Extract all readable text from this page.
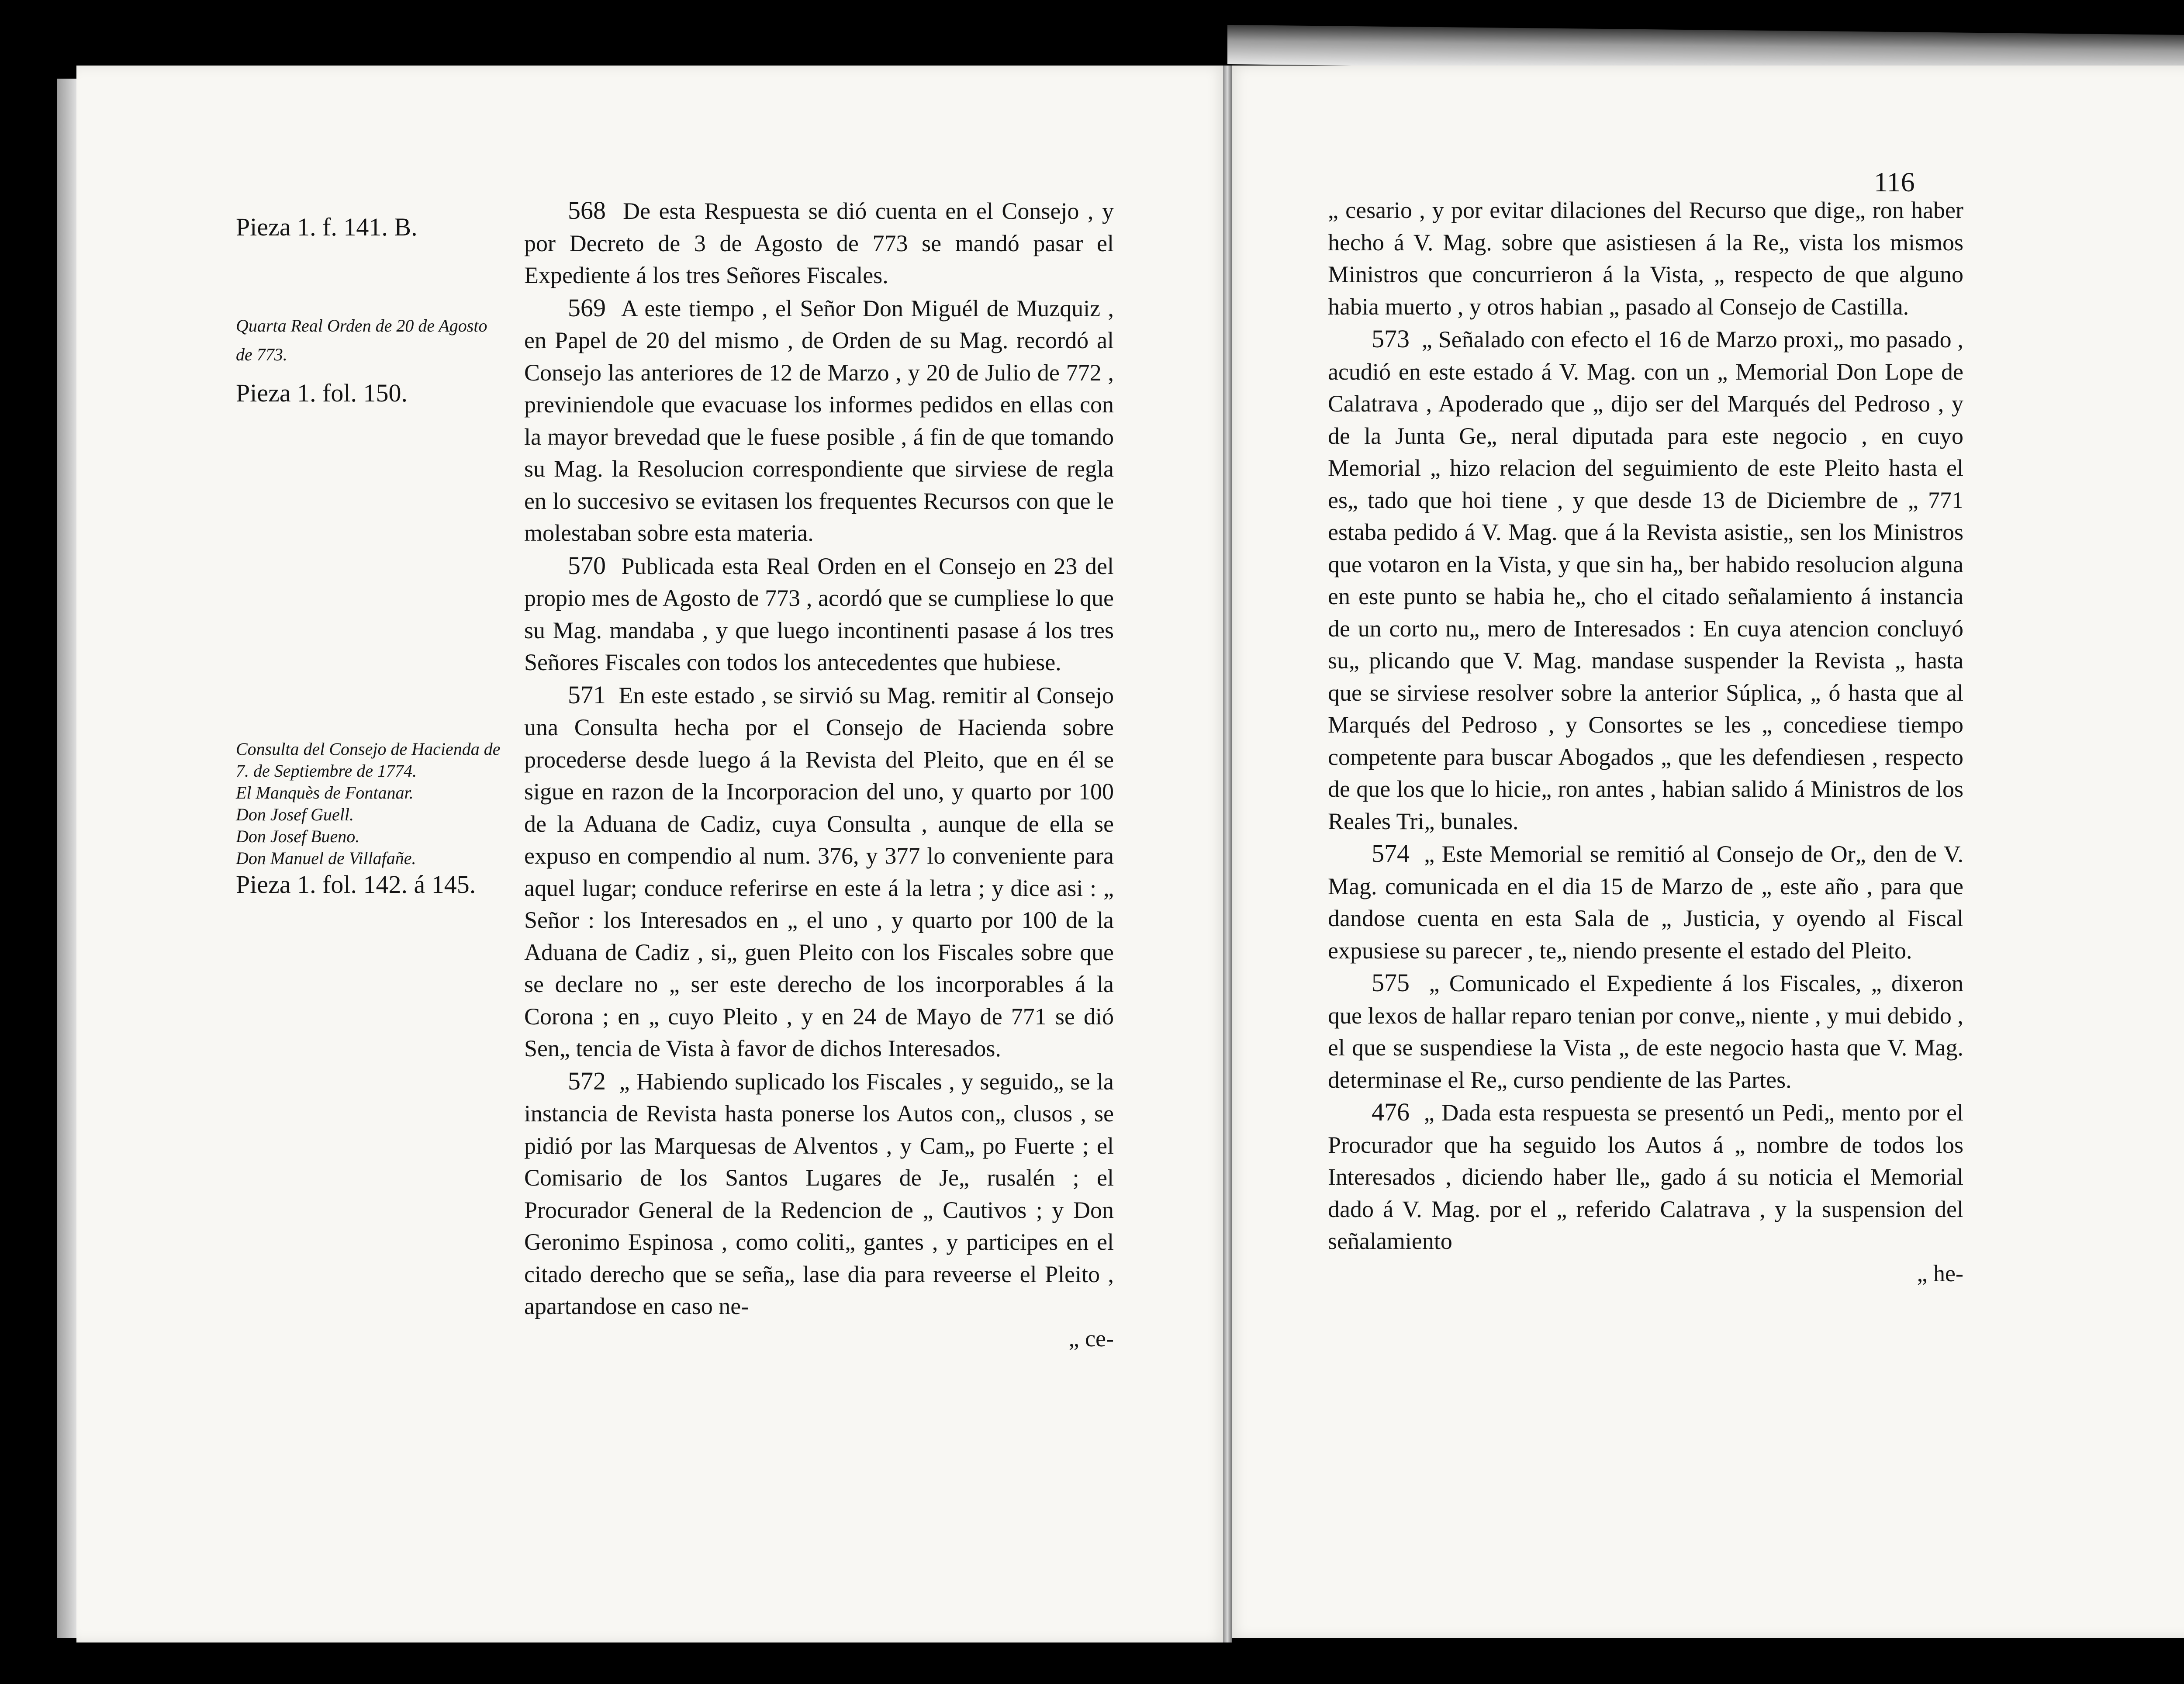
Pieza 1. f. 141. B.
Quarta Real Orden de 20 de Agosto de 773.
Pieza 1. fol. 150.
Consulta del Consejo de Hacienda de 7. de Septiembre de 1774.
El Manquès de Fontanar.
Don Josef Guell.
Don Josef Bueno.
Don Manuel de Villafañe.
Pieza 1. fol. 142. á 145.

568 De esta Respuesta se dió cuenta en el Consejo , y por Decreto de 3 de Agosto de 773 se mandó pasar el Expediente á los tres Señores Fiscales.

569 A este tiempo , el Señor Don Miguél de Muzquiz , en Papel de 20 del mismo , de Orden de su Mag. recordó al Consejo las anteriores de 12 de Marzo , y 20 de Julio de 772 , previniendole que evacuase los informes pedidos en ellas con la mayor brevedad que le fuese posible , á fin de que tomando su Mag. la Resolucion correspondiente que sirviese de regla en lo succesivo se evitasen los frequentes Recursos con que le molestaban sobre esta materia.

570 Publicada esta Real Orden en el Consejo en 23 del propio mes de Agosto de 773 , acordó que se cumpliese lo que su Mag. mandaba , y que luego incontinenti pasase á los tres Señores Fiscales con todos los antecedentes que hubiese.

571 En este estado , se sirvió su Mag. remitir al Consejo una Consulta hecha por el Consejo de Hacienda sobre procederse desde luego á la Revista del Pleito, que en él se sigue en razon de la Incorporacion del uno, y quarto por 100 de la Aduana de Cadiz, cuya Consulta , aunque de ella se expuso en compendio al num. 376, y 377 lo conveniente para aquel lugar; conduce referirse en este á la letra ; y dice asi : „ Señor : los Interesados en „ el uno , y quarto por 100 de la Aduana de Cadiz , si„ guen Pleito con los Fiscales sobre que se declare no „ ser este derecho de los incorporables á la Corona ; en „ cuyo Pleito , y en 24 de Mayo de 771 se dió Sen„ tencia de Vista à favor de dichos Interesados.

572 „ Habiendo suplicado los Fiscales , y seguido„ se la instancia de Revista hasta ponerse los Autos con„ clusos , se pidió por las Marquesas de Alventos , y Cam„ po Fuerte ; el Comisario de los Santos Lugares de Je„ rusalén ; el Procurador General de la Redencion de „ Cautivos ; y Don Geronimo Espinosa , como coliti„ gantes , y participes en el citado derecho que se seña„ lase dia para reveerse el Pleito , apartandose en caso ne-

„ ce-

116

„ cesario , y por evitar dilaciones del Recurso que dige„ ron haber hecho á V. Mag. sobre que asistiesen á la Re„ vista los mismos Ministros que concurrieron á la Vista, „ respecto de que alguno habia muerto , y otros habian „ pasado al Consejo de Castilla.

573 „ Señalado con efecto el 16 de Marzo proxi„ mo pasado , acudió en este estado á V. Mag. con un „ Memorial Don Lope de Calatrava , Apoderado que „ dijo ser del Marqués del Pedroso , y de la Junta Ge„ neral diputada para este negocio , en cuyo Memorial „ hizo relacion del seguimiento de este Pleito hasta el es„ tado que hoi tiene , y que desde 13 de Diciembre de „ 771 estaba pedido á V. Mag. que á la Revista asistie„ sen los Ministros que votaron en la Vista, y que sin ha„ ber habido resolucion alguna en este punto se habia he„ cho el citado señalamiento á instancia de un corto nu„ mero de Interesados : En cuya atencion concluyó su„ plicando que V. Mag. mandase suspender la Revista „ hasta que se sirviese resolver sobre la anterior Súplica, „ ó hasta que al Marqués del Pedroso , y Consortes se les „ concediese tiempo competente para buscar Abogados „ que les defendiesen , respecto de que los que lo hicie„ ron antes , habian salido á Ministros de los Reales Tri„ bunales.

574 „ Este Memorial se remitió al Consejo de Or„ den de V. Mag. comunicada en el dia 15 de Marzo de „ este año , para que dandose cuenta en esta Sala de „ Justicia, y oyendo al Fiscal expusiese su parecer , te„ niendo presente el estado del Pleito.

575 „ Comunicado el Expediente á los Fiscales, „ dixeron que lexos de hallar reparo tenian por conve„ niente , y mui debido , el que se suspendiese la Vista „ de este negocio hasta que V. Mag. determinase el Re„ curso pendiente de las Partes.

476 „ Dada esta respuesta se presentó un Pedi„ mento por el Procurador que ha seguido los Autos á „ nombre de todos los Interesados , diciendo haber lle„ gado á su noticia el Memorial dado á V. Mag. por el „ referido Calatrava , y la suspension del señalamiento

„ he-
